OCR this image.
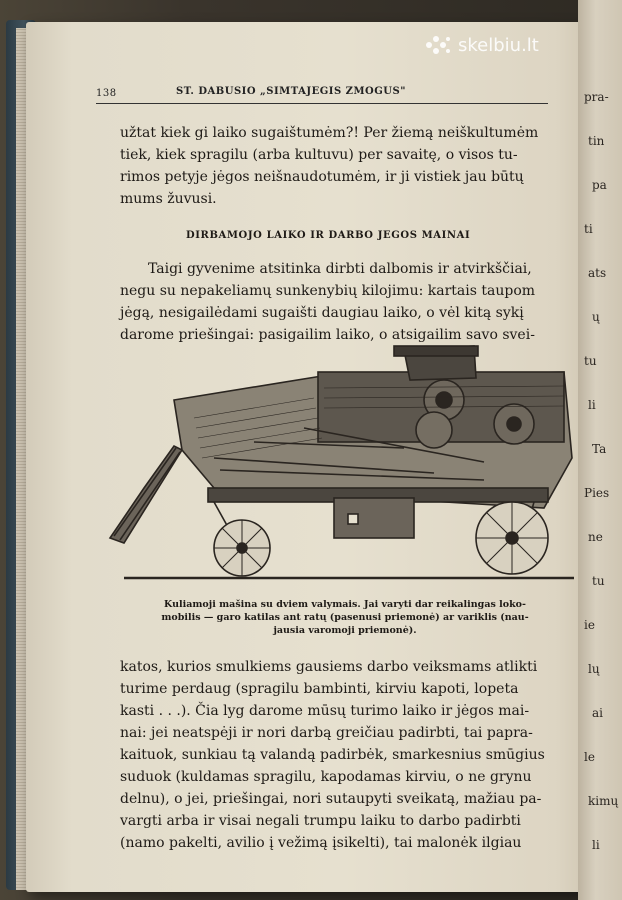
pra-
tin
pa
ti
ats
ų
tu
li
Ta
Pies
ne
tu
ie
lų
ai
le
kimų
li
skelbiu.lt
138	ST. DABUSIO „SIMTAJEGIS ZMOGUS"
užtat kiek gi laiko sugaištumėm?! Per žiemą neiškultumėm
tiek, kiek spragilu (arba kultuvu) per savaitę, o visos tu-
rimos petyje jėgos neišnaudotumėm, ir ji vistiek jau būtų
mums žuvusi.
DIRBAMOJO LAIKO IR DARBO JEGOS MAINAI
Taigi gyvenime atsitinka dirbti dalbomis ir atvirkščiai,
negu su nepakeliamų sunkenybių kilojimu: kartais taupom
jėgą, nesigailėdami sugaišti daugiau laiko, o vėl kitą sykį
darome priešingai: pasigailim laiko, o atsigailim savo svei-
Kuliamoji mašina su dviem valymais. Jai varyti dar reikalingas loko-
mobilis — garo katilas ant ratų (pasenusi priemonė) ar variklis (nau-
jausia varomoji priemonė).
katos, kurios smulkiems gausiems darbo veiksmams atlikti
turime perdaug (spragilu bambinti, kirviu kapoti, lopeta
kasti . . .). Čia lyg darome mūsų turimo laiko ir jėgos mai-
nai: jei neatspėji ir nori darbą greičiau padirbti, tai papra-
kaituok, sunkiau tą valandą padirbėk, smarkesnius smūgius
suduok (kuldamas spragilu, kapodamas kirviu, o ne grynu
delnu), o jei, priešingai, nori sutaupyti sveikatą, mažiau pa-
vargti arba ir visai negali trumpu laiku to darbo padirbti
(namo pakelti, avilio į vežimą įsikelti), tai malonėk ilgiau
